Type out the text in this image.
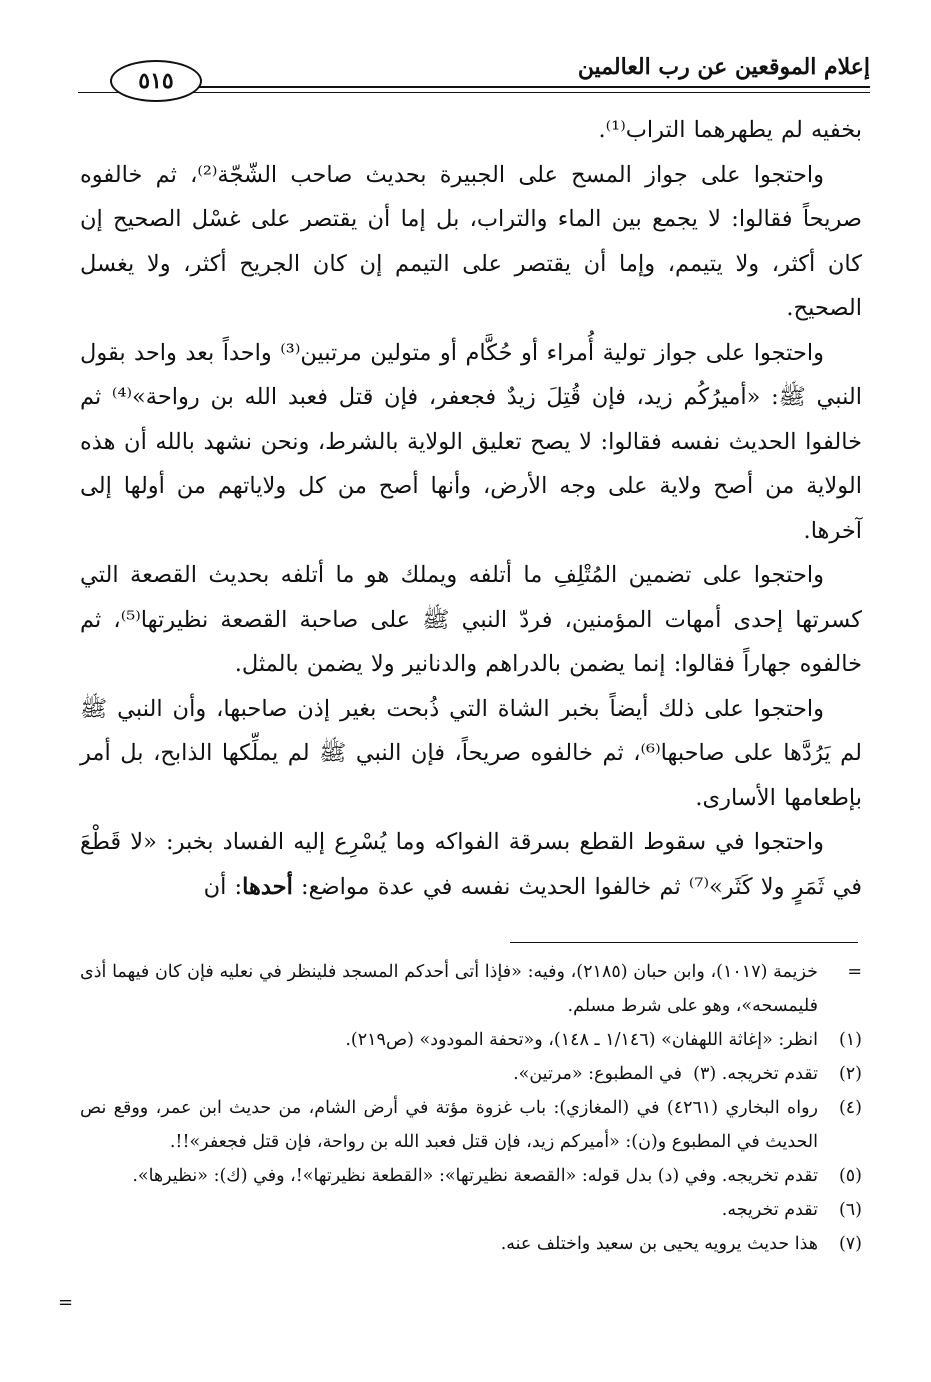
إعلام الموقعين عن رب العالمين
٥١٥

بخفيه لم يطهرهما التراب⁽¹⁾.

واحتجوا على جواز المسح على الجبيرة بحديث صاحب الشّجّة⁽²⁾، ثم خالفوه صريحاً فقالوا: لا يجمع بين الماء والتراب، بل إما أن يقتصر على غسْل الصحيح إن كان أكثر، ولا يتيمم، وإما أن يقتصر على التيمم إن كان الجريح أكثر، ولا يغسل الصحيح.

واحتجوا على جواز تولية أُمراء أو حُكَّام أو متولين مرتبين⁽³⁾ واحداً بعد واحد بقول النبي ﷺ: «أميرُكُم زيد، فإن قُتِلَ زيدٌ فجعفر، فإن قتل فعبد الله بن رواحة»⁽⁴⁾ ثم خالفوا الحديث نفسه فقالوا: لا يصح تعليق الولاية بالشرط، ونحن نشهد بالله أن هذه الولاية من أصح ولاية على وجه الأرض، وأنها أصح من كل ولاياتهم من أولها إلى آخرها.

واحتجوا على تضمين المُتْلِفِ ما أتلفه ويملك هو ما أتلفه بحديث القصعة التي كسرتها إحدى أمهات المؤمنين، فردّ النبي ﷺ على صاحبة القصعة نظيرتها⁽⁵⁾، ثم خالفوه جهاراً فقالوا: إنما يضمن بالدراهم والدنانير ولا يضمن بالمثل.

واحتجوا على ذلك أيضاً بخبر الشاة التي ذُبحت بغير إذن صاحبها، وأن النبي ﷺ لم يَرُدَّها على صاحبها⁽⁶⁾، ثم خالفوه صريحاً، فإن النبي ﷺ لم يملِّكها الذابح، بل أمر بإطعامها الأسارى.

واحتجوا في سقوط القطع بسرقة الفواكه وما يُسْرِع إليه الفساد بخبر: «لا قَطْعَ في ثَمَرٍ ولا كَثَر»⁽⁷⁾ ثم خالفوا الحديث نفسه في عدة مواضع: أحدها: أن

=
خزيمة (١٠١٧)، وابن حبان (٢١٨٥)، وفيه: «فإذا أتى أحدكم المسجد فلينظر في نعليه فإن كان فيهما أذى فليمسحه»، وهو على شرط مسلم.
(١)
انظر: «إغاثة اللهفان» (١/١٤٦ ـ ١٤٨)، و«تحفة المودود» (ص٢١٩).
(٢)
تقدم تخريجه. (٣)  في المطبوع: «مرتين».
(٤)
رواه البخاري (٤٢٦١) في (المغازي): باب غزوة مؤتة في أرض الشام، من حديث ابن عمر، ووقع نص الحديث في المطبوع و(ن): «أميركم زيد، فإن قتل فعبد الله بن رواحة، فإن قتل فجعفر»!!.
(٥)
تقدم تخريجه. وفي (د) بدل قوله: «القصعة نظيرتها»: «القطعة نظيرتها»!، وفي (ك): «نظيرها».
(٦)
تقدم تخريجه.
(٧)
هذا حديث يرويه يحيى بن سعيد واختلف عنه.
=
